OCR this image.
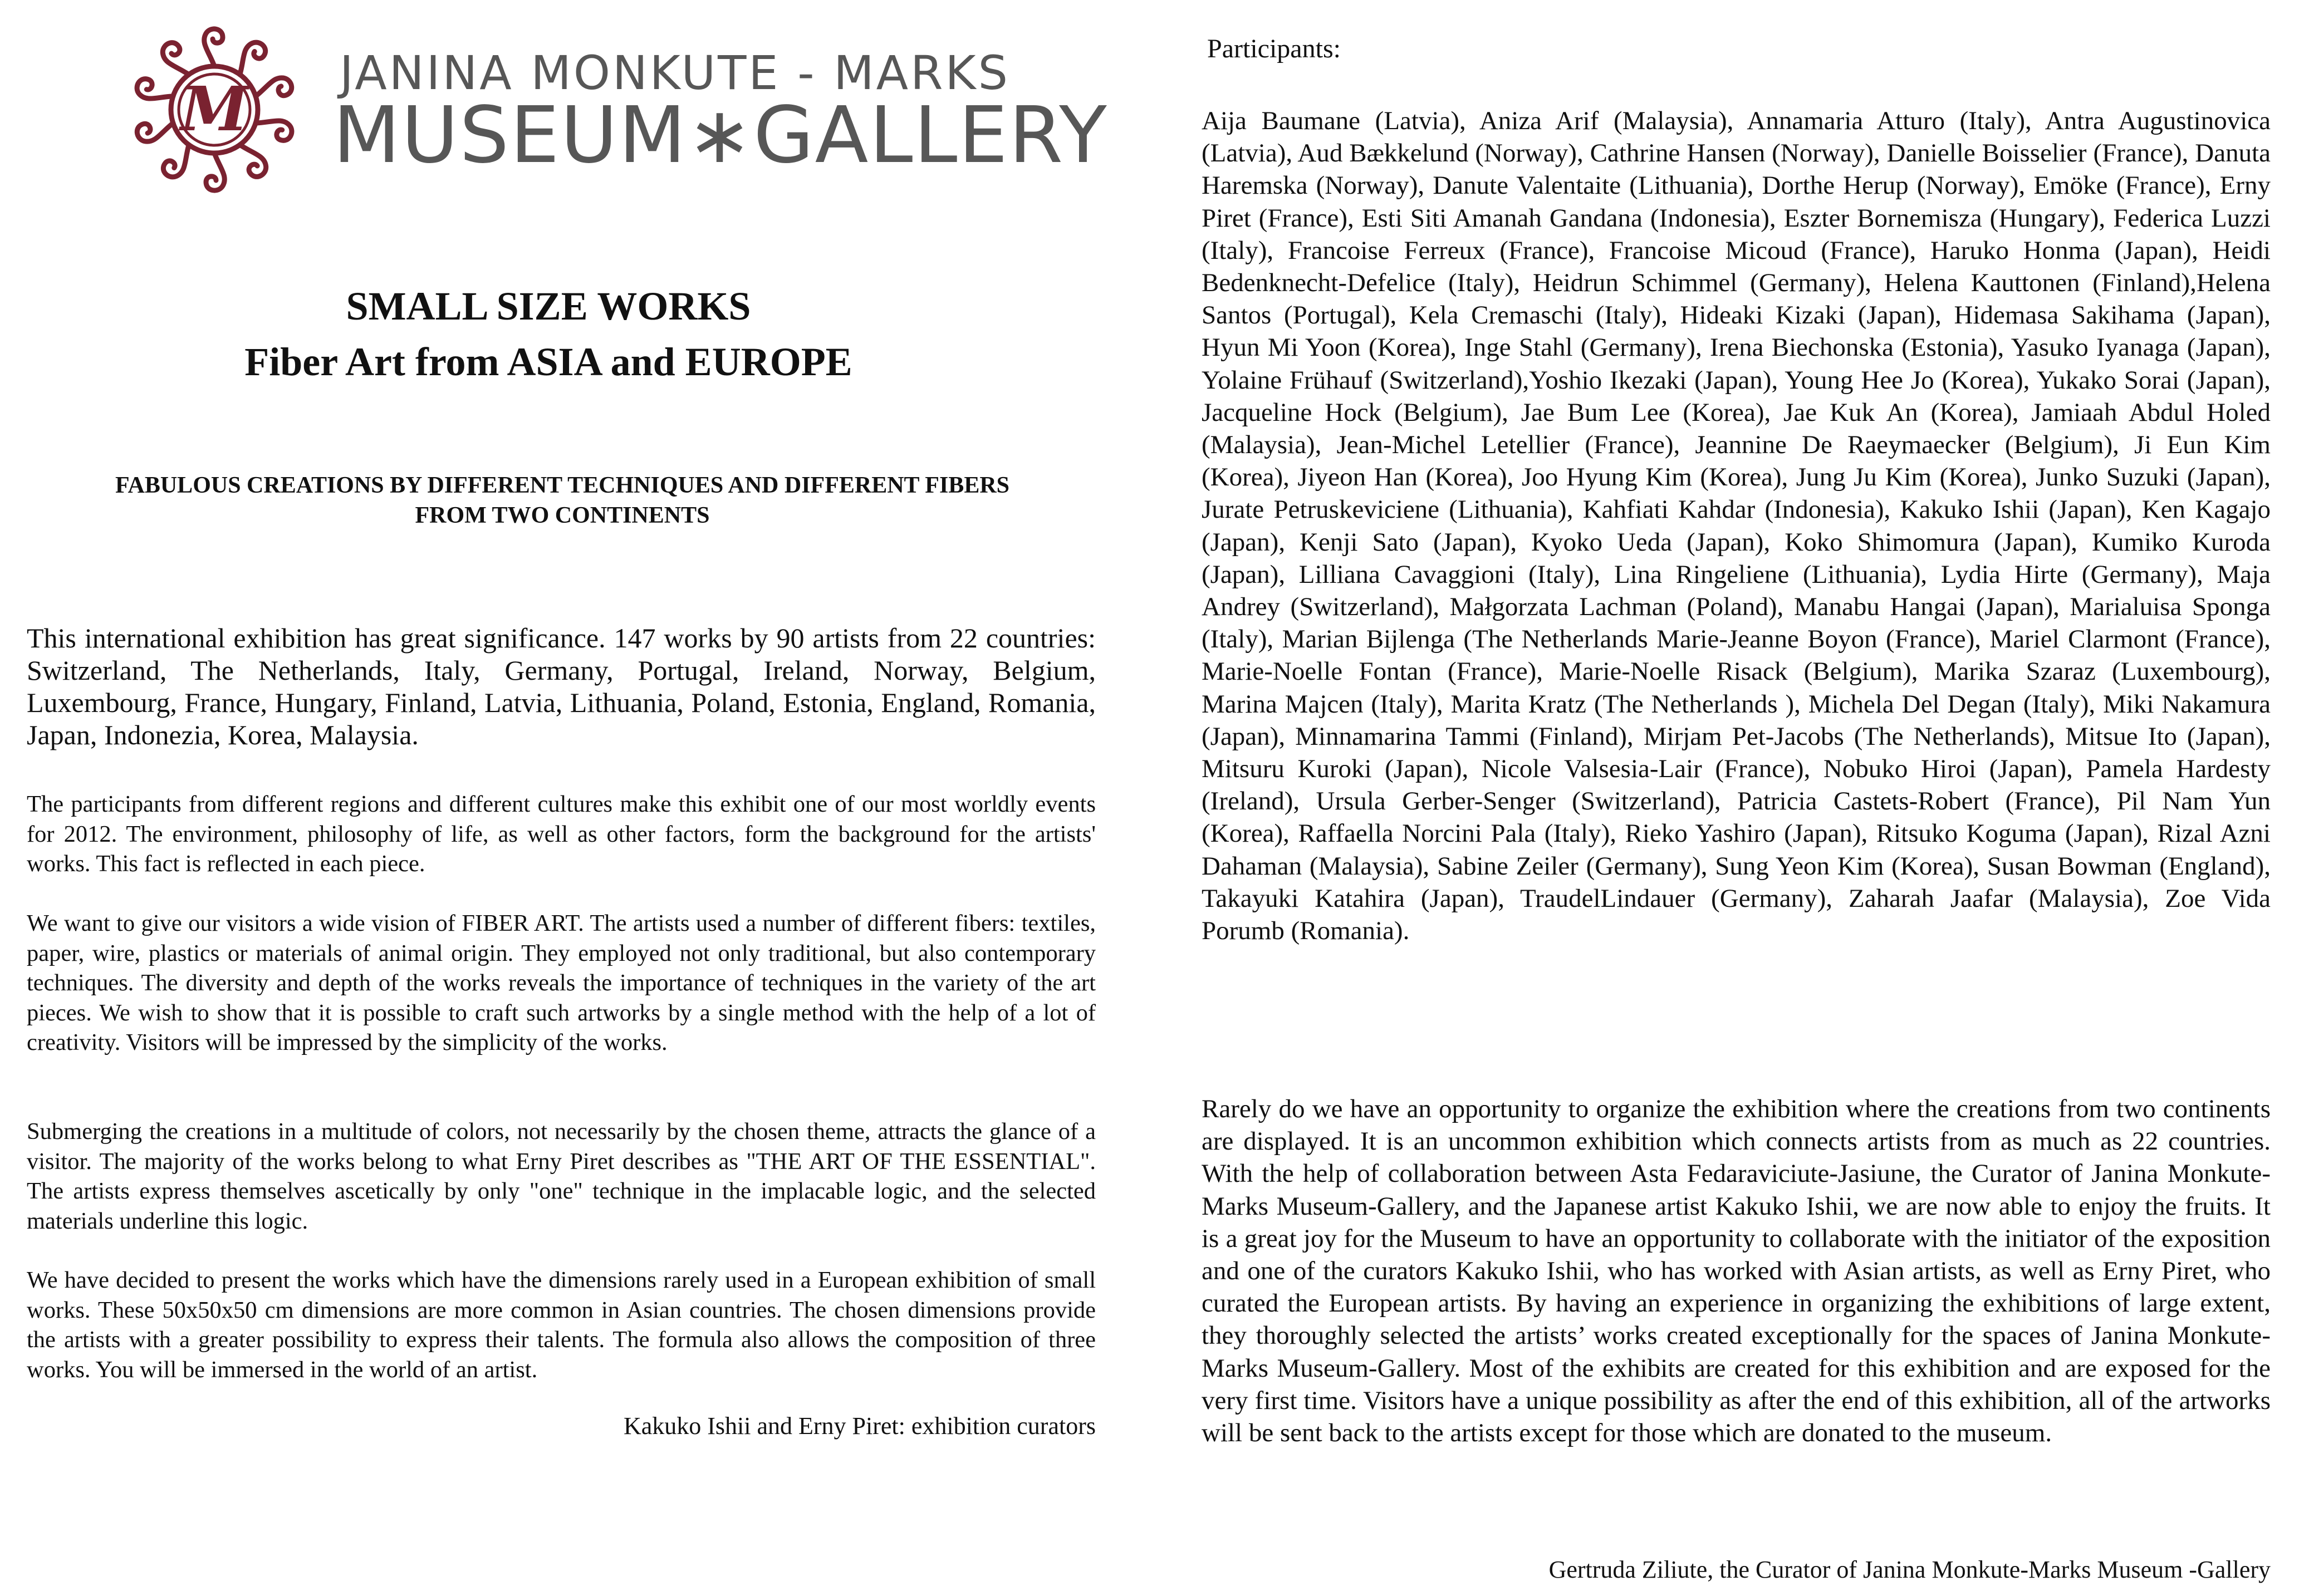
M JANINA MONKUTE - MARKS
MUSEUM∗GALLERY
SMALL SIZE WORKS
Fiber Art from ASIA and EUROPE
FABULOUS CREATIONS BY DIFFERENT TECHNIQUES AND DIFFERENT FIBERS
FROM TWO CONTINENTS

This international exhibition has great significance. 147 works by 90 artists from 22 countries: Switzerland, The Netherlands, Italy, Germany, Portugal, Ireland, Norway, Belgium, Luxembourg, France, Hungary, Finland, Latvia, Lithuania, Poland, Estonia, England, Romania, Japan, Indonezia, Korea, Malaysia.

The participants from different regions and different cultures make this exhibit one of our most worldly events for 2012. The environment, philosophy of life, as well as other factors, form the background for the artists' works. This fact is reflected in each piece.

We want to give our visitors a wide vision of FIBER ART. The artists used a number of different fibers: textiles, paper, wire, plastics or materials of animal origin. They employed not only traditional, but also contemporary techniques. The diversity and depth of the works reveals the importance of techniques in the variety of the art pieces. We wish to show that it is possible to craft such artworks by a single method with the help of a lot of creativity. Visitors will be impressed by the simplicity of the works.

Submerging the creations in a multitude of colors, not necessarily by the chosen theme, attracts the glance of a visitor. The majority of the works belong to what Erny Piret describes as "THE ART OF THE ESSENTIAL". The artists express themselves ascetically by only "one" technique in the implacable logic, and the selected materials underline this logic.

We have decided to present the works which have the dimensions rarely used in a European exhibition of small works. These 50x50x50 cm dimensions are more common in Asian countries. The chosen dimensions provide the artists with a greater possibility to express their talents. The formula also allows the composition of three works. You will be immersed in the world of an artist.

Kakuko Ishii and Erny Piret: exhibition curators
Participants:

Aija Baumane (Latvia), Aniza Arif (Malaysia), Annamaria Atturo (Italy), Antra Augustinovica (Latvia), Aud Bækkelund (Norway), Cathrine Hansen (Norway), Danielle Boisselier (France), Danuta Haremska (Norway), Danute Valentaite (Lithuania), Dorthe Herup (Norway), Emöke (France), Erny Piret (France), Esti Siti Amanah Gandana (Indonesia), Eszter Bornemisza (Hungary), Federica Luzzi (Italy), Francoise Ferreux (France), Francoise Micoud (France), Haruko Honma (Japan), Heidi Bedenknecht-Defelice (Italy), Heidrun Schimmel (Germany), Helena Kauttonen (Finland),Helena Santos (Portugal), Kela Cremaschi (Italy), Hideaki Kizaki (Japan), Hidemasa Sakihama (Japan), Hyun Mi Yoon (Korea), Inge Stahl (Germany), Irena Biechonska (Estonia), Yasuko Iyanaga (Japan), Yolaine Frühauf (Switzerland),Yoshio Ikezaki (Japan), Young Hee Jo (Korea), Yukako Sorai (Japan), Jacqueline Hock (Belgium), Jae Bum Lee (Korea), Jae Kuk An (Korea), Jamiaah Abdul Holed (Malaysia), Jean-Michel Letellier (France), Jeannine De Raeymaecker (Belgium), Ji Eun Kim (Korea), Jiyeon Han (Korea), Joo Hyung Kim (Korea), Jung Ju Kim (Korea), Junko Suzuki (Japan), Jurate Petruskeviciene (Lithuania), Kahfiati Kahdar (Indonesia), Kakuko Ishii (Japan), Ken Kagajo (Japan), Kenji Sato (Japan), Kyoko Ueda (Japan), Koko Shimomura (Japan), Kumiko Kuroda (Japan), Lilliana Cavaggioni (Italy), Lina Ringeliene (Lithuania), Lydia Hirte (Germany), Maja Andrey (Switzerland), Małgorzata Lachman (Poland), Manabu Hangai (Japan), Marialuisa Sponga (Italy), Marian Bijlenga (The Netherlands Marie-Jeanne Boyon (France), Mariel Clarmont (France), Marie-Noelle Fontan (France), Marie-Noelle Risack (Belgium), Marika Szaraz (Luxembourg), Marina Majcen (Italy), Marita Kratz (The Netherlands ), Michela Del Degan (Italy), Miki Nakamura (Japan), Minnamarina Tammi (Finland), Mirjam Pet-Jacobs (The Netherlands), Mitsue Ito (Japan), Mitsuru Kuroki (Japan), Nicole Valsesia-Lair (France), Nobuko Hiroi (Japan), Pamela Hardesty (Ireland), Ursula Gerber-Senger (Switzerland), Patricia Castets-Robert (France), Pil Nam Yun (Korea), Raffaella Norcini Pala (Italy), Rieko Yashiro (Japan), Ritsuko Koguma (Japan), Rizal Azni Dahaman (Malaysia), Sabine Zeiler (Germany), Sung Yeon Kim (Korea), Susan Bowman (England), Takayuki Katahira (Japan), TraudelLindauer (Germany), Zaharah Jaafar (Malaysia), Zoe Vida Porumb (Romania).

Rarely do we have an opportunity to organize the exhibition where the creations from two continents are displayed. It is an uncommon exhibition which connects artists from as much as 22 countries. With the help of collaboration between Asta Fedaraviciute-Jasiune, the Curator of Janina Monkute-Marks Museum-Gallery, and the Japanese artist Kakuko Ishii, we are now able to enjoy the fruits. It is a great joy for the Museum to have an opportunity to collaborate with the initiator of the exposition and one of the curators Kakuko Ishii, who has worked with Asian artists, as well as Erny Piret, who curated the European artists. By having an experience in organizing the exhibitions of large extent, they thoroughly selected the artists’ works created exceptionally for the spaces of Janina Monkute-Marks Museum-Gallery. Most of the exhibits are created for this exhibition and are exposed for the very first time. Visitors have a unique possibility as after the end of this exhibition, all of the artworks will be sent back to the artists except for those which are donated to the museum.

Gertruda Ziliute, the Curator of Janina Monkute-Marks Museum -Gallery
